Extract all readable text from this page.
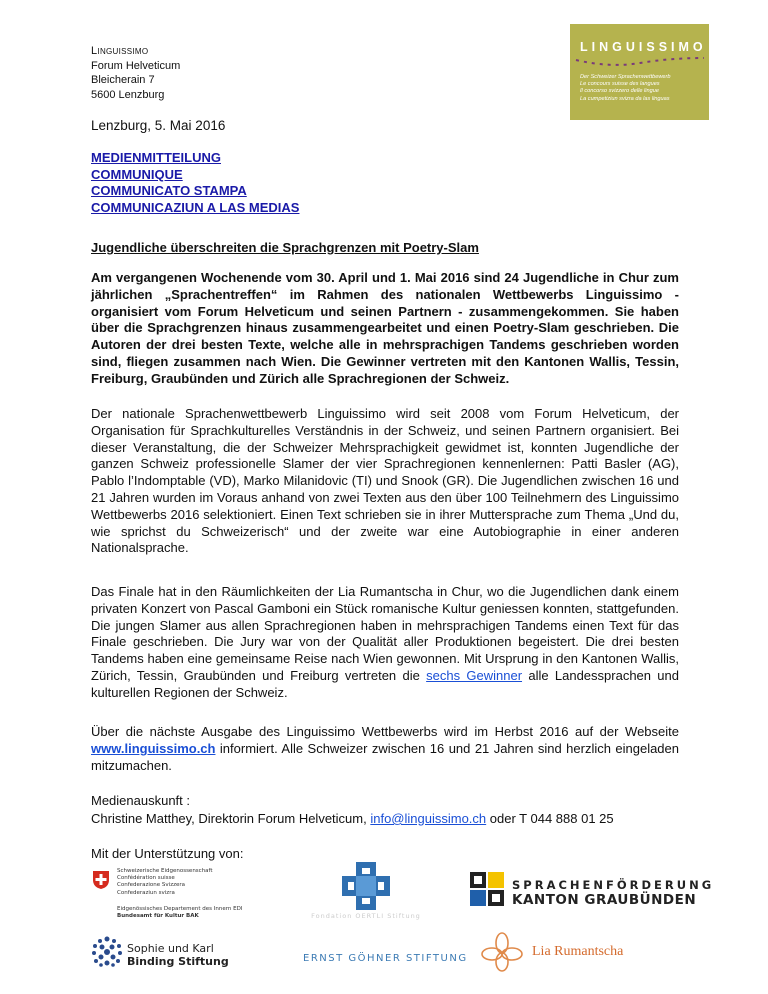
Linguissimo
Forum Helveticum
Bleicherain 7
5600 Lenzburg
LINGUISSIMO
Der Schweizer Sprachenwettbewerb
Le concours suisse des langues
Il concorso svizzero delle lingue
La cumpetiziun svizra da las linguas
Lenzburg, 5. Mai 2016
MEDIENMITTEILUNG
COMMUNIQUE
COMMUNICATO STAMPA
COMMUNICAZIUN A LAS MEDIAS
Jugendliche überschreiten die Sprachgrenzen mit Poetry-Slam
Am vergangenen Wochenende vom 30. April und 1. Mai 2016 sind 24 Jugendliche in Chur zum jährlichen „Sprachentreffen“ im Rahmen des nationalen Wettbewerbs Linguissimo - organisiert vom Forum Helveticum und seinen Partnern - zusammengekommen. Sie haben über die Sprachgrenzen hinaus zusammengearbeitet und einen Poetry-Slam geschrieben. Die Autoren der drei besten Texte, welche alle in mehrsprachigen Tandems geschrieben worden sind, fliegen zusammen nach Wien. Die Gewinner vertreten mit den Kantonen Wallis, Tessin, Freiburg, Graubünden und Zürich alle Sprachregionen der Schweiz.
Der nationale Sprachenwettbewerb Linguissimo wird seit 2008 vom Forum Helveticum, der Organisation für Sprachkulturelles Verständnis in der Schweiz, und seinen Partnern organisiert. Bei dieser Veranstaltung, die der Schweizer Mehrsprachigkeit gewidmet ist, konnten Jugendliche der ganzen Schweiz professionelle Slamer der vier Sprachregionen kennenlernen: Patti Basler (AG), Pablo l’Indomptable (VD), Marko Milanidovic (TI) und Snook (GR). Die Jugendlichen zwischen 16 und 21 Jahren wurden im Voraus anhand von zwei Texten aus den über 100 Teilnehmern des Linguissimo Wettbewerbs 2016 selektioniert. Einen Text schrieben sie in ihrer Muttersprache zum Thema „Und du, wie sprichst du Schweizerisch“ und der zweite war eine Autobiographie in einer anderen Nationalsprache.
Das Finale hat in den Räumlichkeiten der Lia Rumantscha in Chur, wo die Jugendlichen dank einem privaten Konzert von Pascal Gamboni ein Stück romanische Kultur geniessen konnten, stattgefunden. Die jungen Slamer aus allen Sprachregionen haben in mehrsprachigen Tandems einen Text für das Finale geschrieben. Die Jury war von der Qualität aller Produktionen begeistert. Die drei besten Tandems haben eine gemeinsame Reise nach Wien gewonnen. Mit Ursprung in den Kantonen Wallis, Zürich, Tessin, Graubünden und Freiburg vertreten die sechs Gewinner alle Landessprachen und kulturellen Regionen der Schweiz.
Über die nächste Ausgabe des Linguissimo Wettbewerbs wird im Herbst 2016 auf der Webseite www.linguissimo.ch informiert. Alle Schweizer zwischen 16 und 21 Jahren sind herzlich eingeladen mitzumachen.
Medienauskunft :
Christine Matthey, Direktorin Forum Helveticum, info@linguissimo.ch oder T 044 888 01 25
Mit der Unterstützung von:
Schweizerische Eidgenossenschaft
Confédération suisse
Confederazione Svizzera
Confederaziun svizra
Eidgenössisches Departement des Innern EDI
Bundesamt für Kultur BAK	Fondation OERTLI Stiftung
SPRACHENFÖRDERUNG
KANTON GRAUBÜNDEN
Sophie und Karl
Binding Stiftung	ERNST GÖHNER STIFTUNG	Lia Rumantscha
